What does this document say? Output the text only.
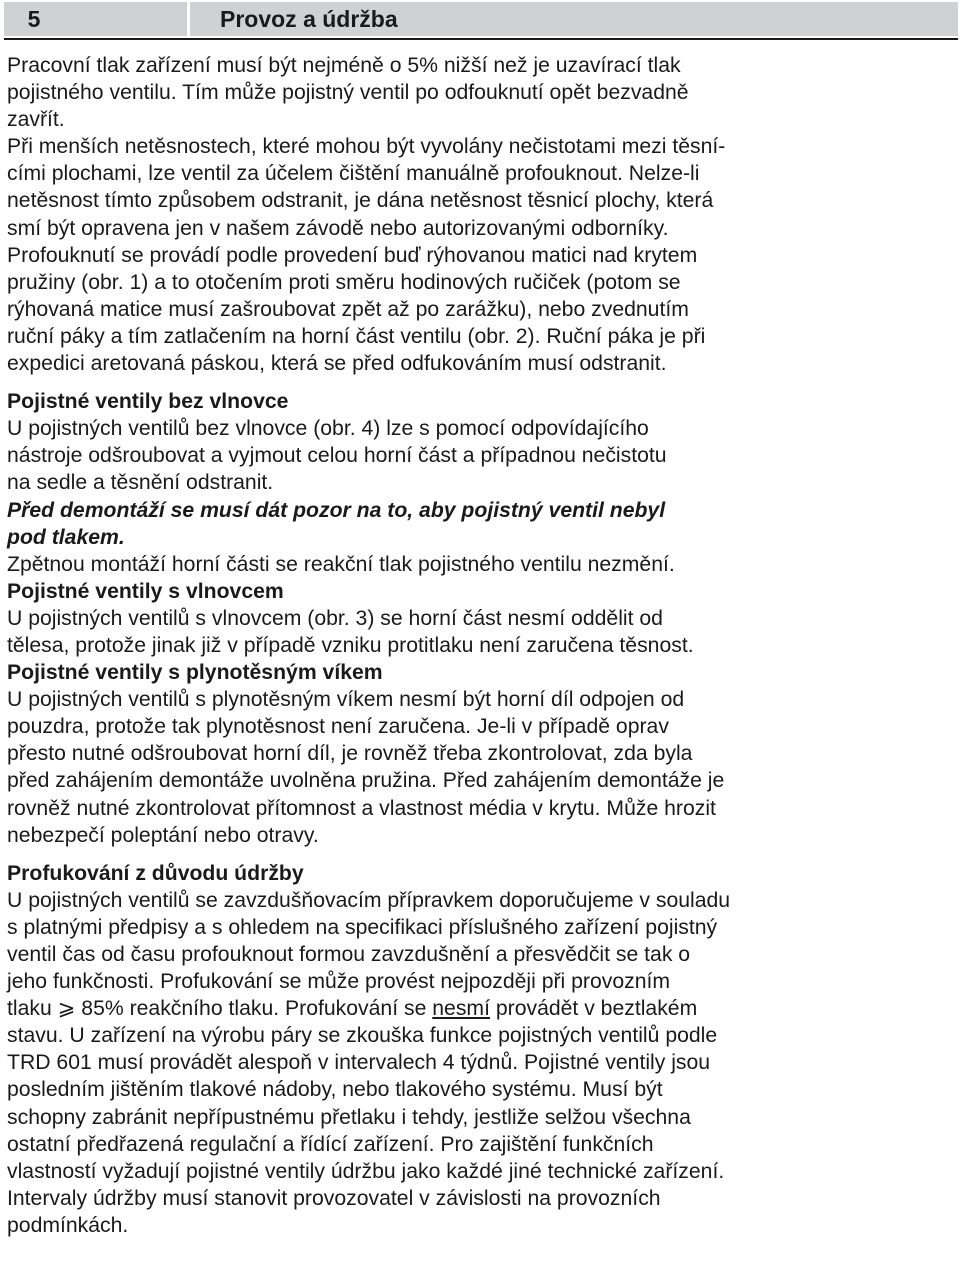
5	Provoz a údržba
Pracovní tlak zařízení musí být nejméně o 5% nižší než je uzavírací tlak
pojistného ventilu. Tím může pojistný ventil po odfouknutí opět bezvadně
zavřít.
Při menších netěsnostech, které mohou být vyvolány nečistotami mezi těsní-
cími plochami, lze ventil za účelem čištění manuálně profouknout. Nelze-li
netěsnost tímto způsobem odstranit, je dána netěsnost těsnicí plochy, která
smí být opravena jen v našem závodě nebo autorizovanými odborníky.
Profouknutí se provádí podle provedení buď rýhovanou matici nad krytem
pružiny (obr. 1) a to otočením proti směru hodinových ručiček (potom se
rýhovaná matice musí zašroubovat zpět až po zarážku), nebo zvednutím
ruční páky a tím zatlačením na horní část ventilu (obr. 2). Ruční páka je při
expedici aretovaná páskou, která se před odfukováním musí odstranit.
Pojistné ventily bez vlnovce
U pojistných ventilů bez vlnovce (obr. 4) lze s pomocí odpovídajícího
nástroje odšroubovat a vyjmout celou horní část a případnou nečistotu
na sedle a těsnění odstranit.
Před demontáží se musí dát pozor na to, aby pojistný ventil nebyl
pod tlakem.
Zpětnou montáží horní části se reakční tlak pojistného ventilu nezmění.
Pojistné ventily s vlnovcem
U pojistných ventilů s vlnovcem (obr. 3) se horní část nesmí oddělit od
tělesa, protože jinak již v případě vzniku protitlaku není zaručena těsnost.
Pojistné ventily s plynotěsným víkem
U pojistných ventilů s plynotěsným víkem nesmí být horní díl odpojen od
pouzdra, protože tak plynotěsnost není zaručena. Je-li v případě oprav
přesto nutné odšroubovat horní díl, je rovněž třeba zkontrolovat, zda byla
před zahájením demontáže uvolněna pružina. Před zahájením demontáže je
rovněž nutné zkontrolovat přítomnost a vlastnost média v krytu. Může hrozit
nebezpečí poleptání nebo otravy.
Profukování z důvodu údržby
U pojistných ventilů se zavzdušňovacím přípravkem doporučujeme v souladu
s platnými předpisy a s ohledem na specifikaci příslušného zařízení pojistný
ventil čas od času profouknout formou zavzdušnění a přesvědčit se tak o
jeho funkčnosti. Profukování se může provést nejpozději při provozním
tlaku ⩾ 85% reakčního tlaku. Profukování se nesmí provádět v beztlakém
stavu. U zařízení na výrobu páry se zkouška funkce pojistných ventilů podle
TRD 601 musí provádět alespoň v intervalech 4 týdnů. Pojistné ventily jsou
posledním jištěním tlakové nádoby, nebo tlakového systému. Musí být
schopny zabránit nepřípustnému přetlaku i tehdy, jestliže selžou všechna
ostatní předřazená regulační a řídící zařízení. Pro zajištění funkčních
vlastností vyžadují pojistné ventily údržbu jako každé jiné technické zařízení.
Intervaly údržby musí stanovit provozovatel v závislosti na provozních
podmínkách.
